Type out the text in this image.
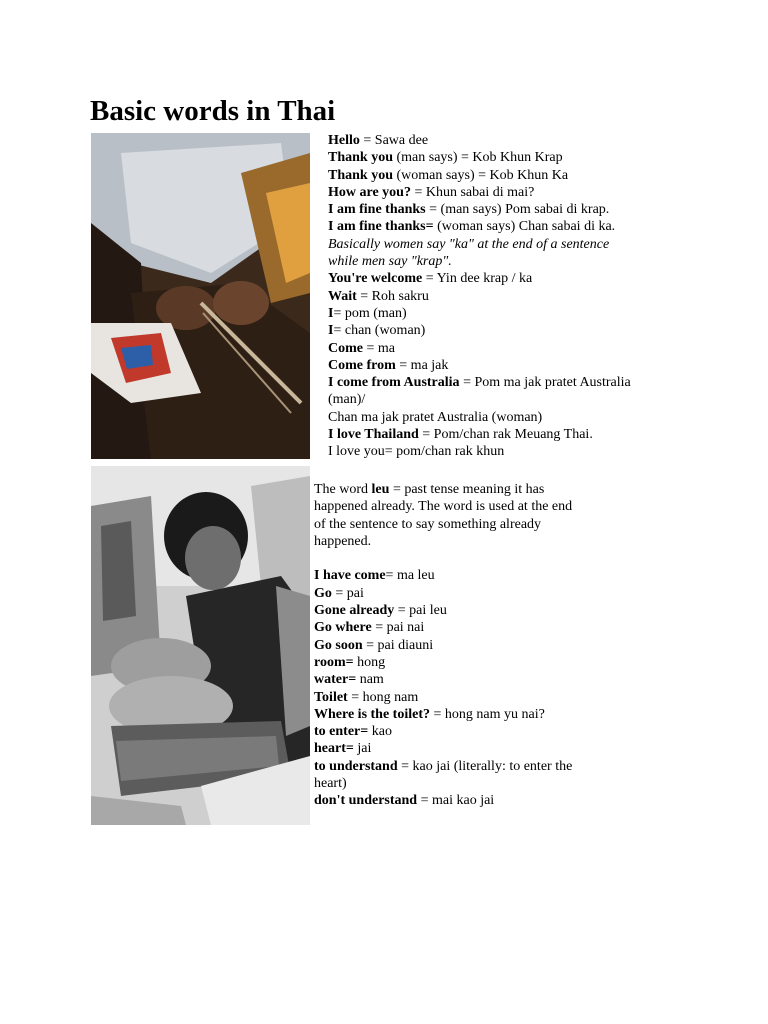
Basic words in Thai
Hello = Sawa dee
Thank you (man says) = Kob Khun Krap
Thank you (woman says) = Kob Khun Ka
How are you? = Khun sabai di mai?
I am fine thanks = (man says) Pom sabai di krap.
I am fine thanks= (woman says) Chan sabai di ka.
Basically women say "ka" at the end of a sentence
while men say "krap".
You're welcome = Yin dee krap / ka
Wait = Roh sakru
I= pom (man)
I= chan (woman)
Come = ma
Come from = ma jak
I come from Australia = Pom ma jak pratet Australia
(man)/
Chan ma jak pratet Australia (woman)
I love Thailand = Pom/chan rak Meuang Thai.
I love you= pom/chan rak khun
The word leu = past tense meaning it has
happened already. The word is used at the end
of the sentence to say something already
happened.
I have come= ma leu
Go = pai
Gone already = pai leu
Go where = pai nai
Go soon = pai diauni
room= hong
water= nam
Toilet = hong nam
Where is the toilet? = hong nam yu nai?
to enter= kao
heart= jai
to understand = kao jai (literally: to enter the
heart)
don't understand = mai kao jai
